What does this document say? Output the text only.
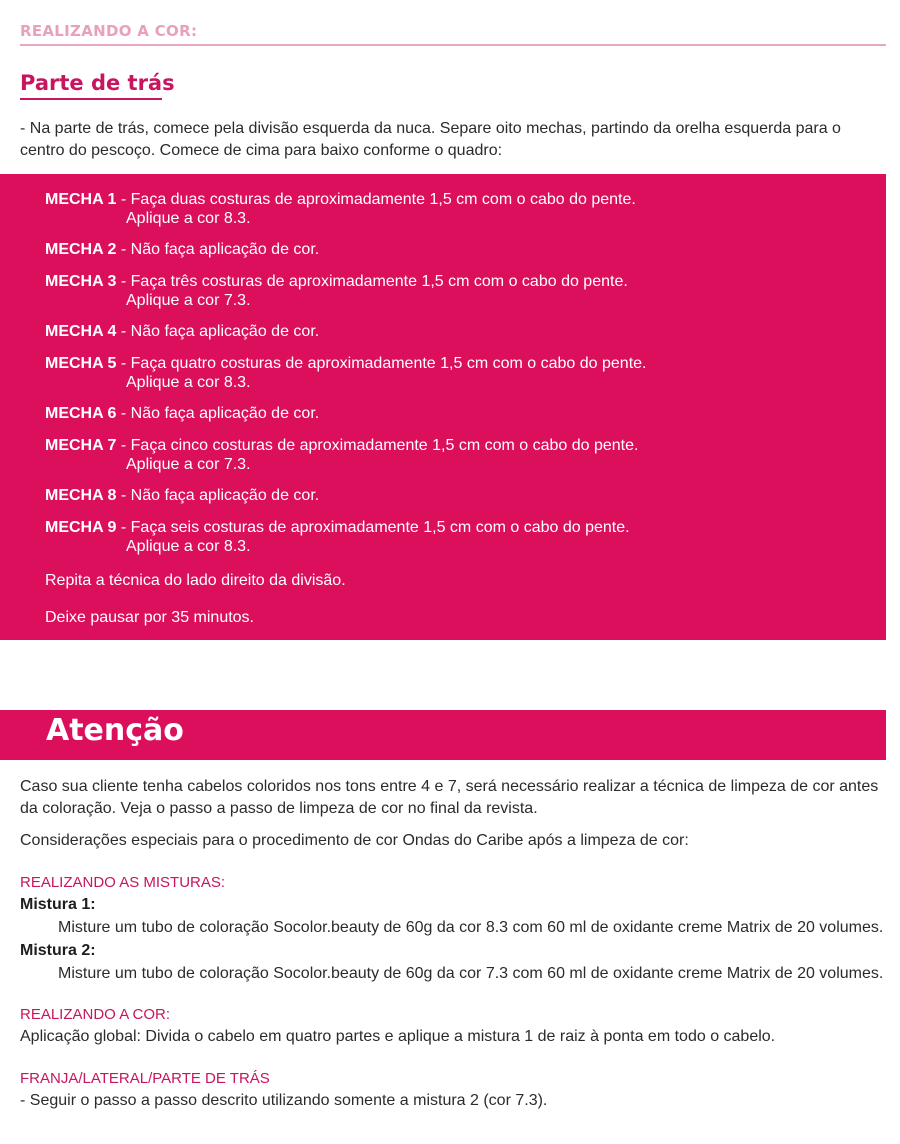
REALIZANDO A COR:
Parte de trás
- Na parte de trás, comece pela divisão esquerda da nuca. Separe oito mechas, partindo da orelha esquerda para o centro do pescoço. Comece de cima para baixo conforme o quadro:
MECHA 1 - Faça duas costuras de aproximadamente 1,5 cm com o cabo do pente.
Aplique a cor 8.3.
MECHA 2 - Não faça aplicação de cor.
MECHA 3 - Faça três costuras de aproximadamente 1,5 cm com o cabo do pente.
Aplique a cor 7.3.
MECHA 4 - Não faça aplicação de cor.
MECHA 5 - Faça quatro costuras de aproximadamente 1,5 cm com o cabo do pente.
Aplique a cor 8.3.
MECHA 6 - Não faça aplicação de cor.
MECHA 7 - Faça cinco costuras de aproximadamente 1,5 cm com o cabo do pente.
Aplique a cor 7.3.
MECHA 8 - Não faça aplicação de cor.
MECHA 9 - Faça seis costuras de aproximadamente 1,5 cm com o cabo do pente.
Aplique a cor 8.3.
Repita a técnica do lado direito da divisão.
Deixe pausar por 35 minutos.
Atenção
Caso sua cliente tenha cabelos coloridos nos tons entre 4 e 7, será necessário realizar a técnica de limpeza de cor antes da coloração. Veja o passo a passo de limpeza de cor no final da revista.
Considerações especiais para o procedimento de cor Ondas do Caribe após a limpeza de cor:
REALIZANDO AS MISTURAS:
Mistura 1:
Misture um tubo de coloração Socolor.beauty de 60g da cor 8.3 com 60 ml de oxidante creme Matrix de 20 volumes.
Mistura 2:
Misture um tubo de coloração Socolor.beauty de 60g da cor 7.3 com 60 ml de oxidante creme Matrix de 20 volumes.
REALIZANDO A COR:
Aplicação global: Divida o cabelo em quatro partes e aplique a mistura 1 de raiz à ponta em todo o cabelo.
FRANJA/LATERAL/PARTE DE TRÁS
- Seguir o passo a passo descrito utilizando somente a mistura 2 (cor 7.3).
